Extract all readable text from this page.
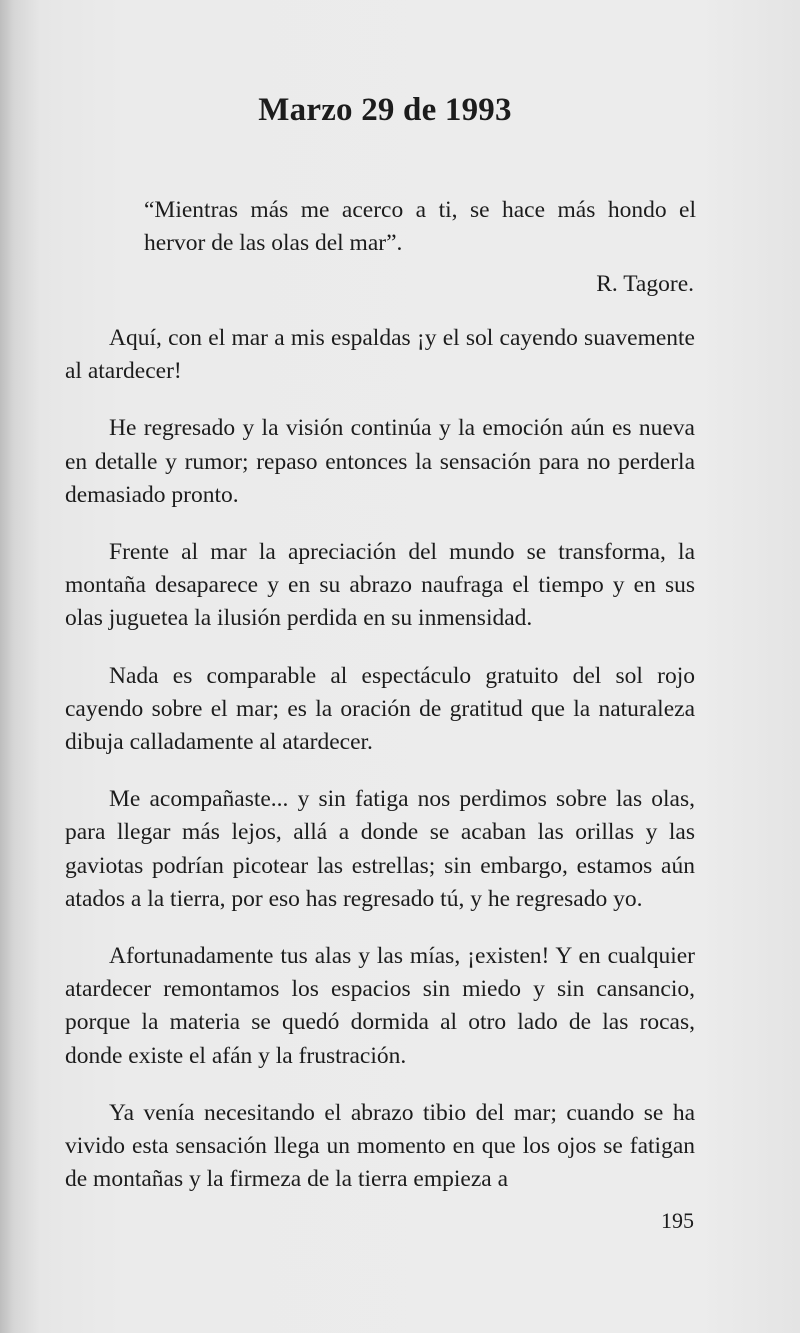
Marzo 29 de 1993

“Mientras más me acerco a ti, se hace más hondo el hervor de las olas del mar”.

R. Tagore.

Aquí, con el mar a mis espaldas ¡y el sol cayendo suavemente al atardecer!

He regresado y la visión continúa y la emoción aún es nueva en detalle y rumor; repaso entonces la sensación para no perderla demasiado pronto.

Frente al mar la apreciación del mundo se transforma, la montaña desaparece y en su abrazo naufraga el tiempo y en sus olas juguetea la ilusión perdida en su inmensidad.

Nada es comparable al espectáculo gratuito del sol rojo cayendo sobre el mar; es la oración de gratitud que la naturaleza dibuja calladamente al atardecer.

Me acompañaste... y sin fatiga nos perdimos sobre las olas, para llegar más lejos, allá a donde se acaban las orillas y las gaviotas podrían picotear las estrellas; sin embargo, estamos aún atados a la tierra, por eso has regresado tú, y he regresado yo.

Afortunadamente tus alas y las mías, ¡existen! Y en cualquier atardecer remontamos los espacios sin miedo y sin cansancio, porque la materia se quedó dormida al otro lado de las rocas, donde existe el afán y la frustración.

Ya venía necesitando el abrazo tibio del mar; cuando se ha vivido esta sensación llega un momento en que los ojos se fatigan de montañas y la firmeza de la tierra empieza a

195
